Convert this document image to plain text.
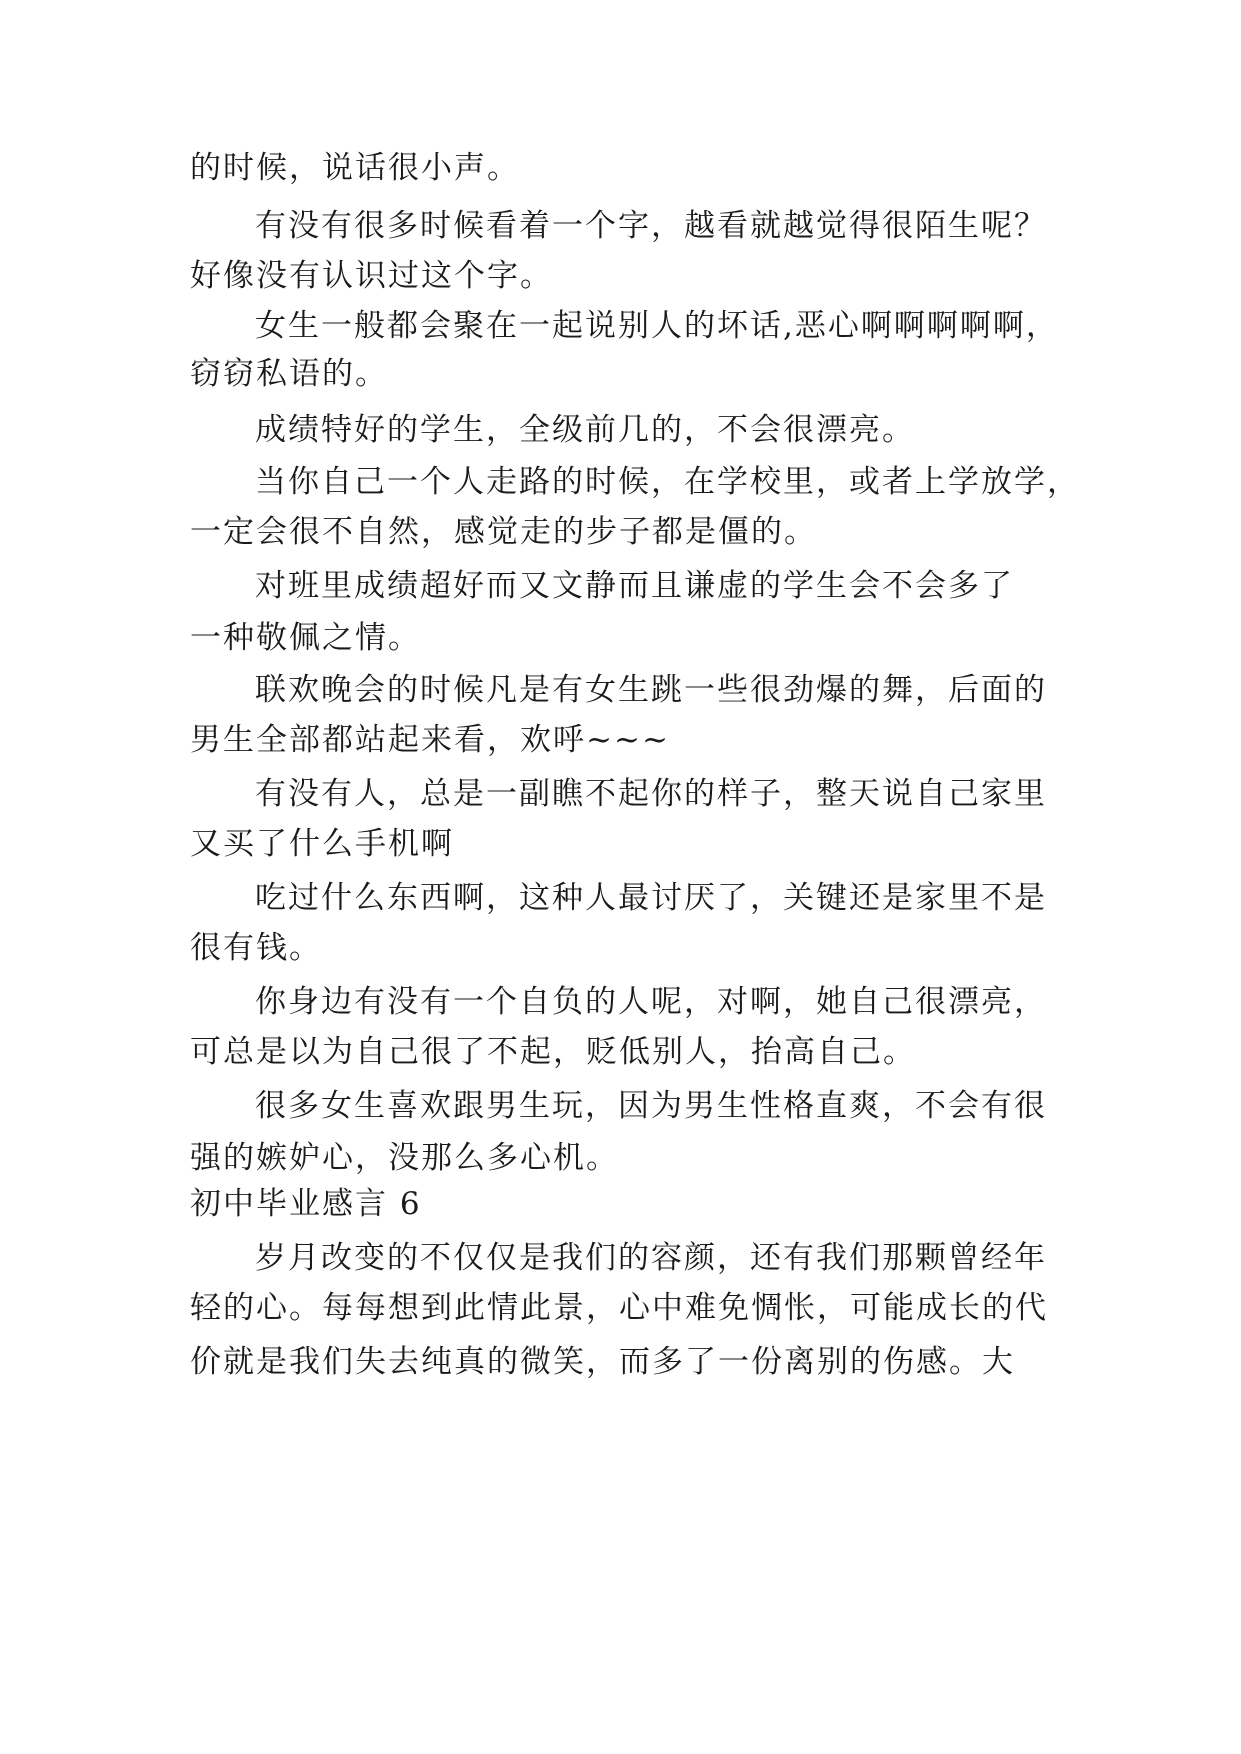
的时候，说话很小声。
有没有很多时候看着一个字，越看就越觉得很陌生呢？
好像没有认识过这个字。
女生一般都会聚在一起说别人的坏话,恶心啊啊啊啊啊，
窃窃私语的。
成绩特好的学生，全级前几的，不会很漂亮。
当你自己一个人走路的时候，在学校里，或者上学放学，
一定会很不自然，感觉走的步子都是僵的。
对班里成绩超好而又文静而且谦虚的学生会不会多了
一种敬佩之情。
联欢晚会的时候凡是有女生跳一些很劲爆的舞，后面的
男生全部都站起来看，欢呼~~~
有没有人，总是一副瞧不起你的样子，整天说自己家里
又买了什么手机啊
吃过什么东西啊，这种人最讨厌了，关键还是家里不是
很有钱。
你身边有没有一个自负的人呢，对啊，她自己很漂亮，
可总是以为自己很了不起，贬低别人，抬高自己。
很多女生喜欢跟男生玩，因为男生性格直爽，不会有很
强的嫉妒心，没那么多心机。
初中毕业感言 6
岁月改变的不仅仅是我们的容颜，还有我们那颗曾经年
轻的心。每每想到此情此景，心中难免惆怅，可能成长的代
价就是我们失去纯真的微笑，而多了一份离别的伤感。大
